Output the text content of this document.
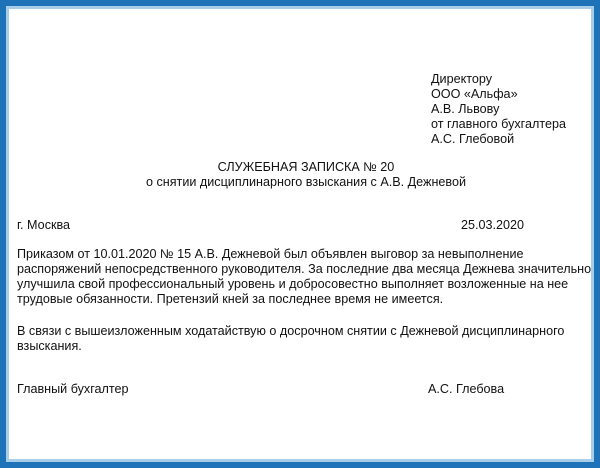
Директору
ООО «Альфа»
А.В. Львову
от главного бухгалтера
А.С. Глебовой
СЛУЖЕБНАЯ ЗАПИСКА № 20
о снятии дисциплинарного взыскания с А.В. Дежневой
г. Москва	25.03.2020
Приказом от 10.01.2020 № 15 А.В. Дежневой был объявлен выговор за невыполнение
распоряжений непосредственного руководителя. За последние два месяца Дежнева значительно
улучшила свой профессиональный уровень и добросовестно выполняет возложенные на нее
трудовые обязанности. Претензий кней за последнее время не имеется.
В связи с вышеизложенным ходатайствую о досрочном снятии с Дежневой дисциплинарного
взыскания.
Главный бухгалтер	А.С. Глебова
